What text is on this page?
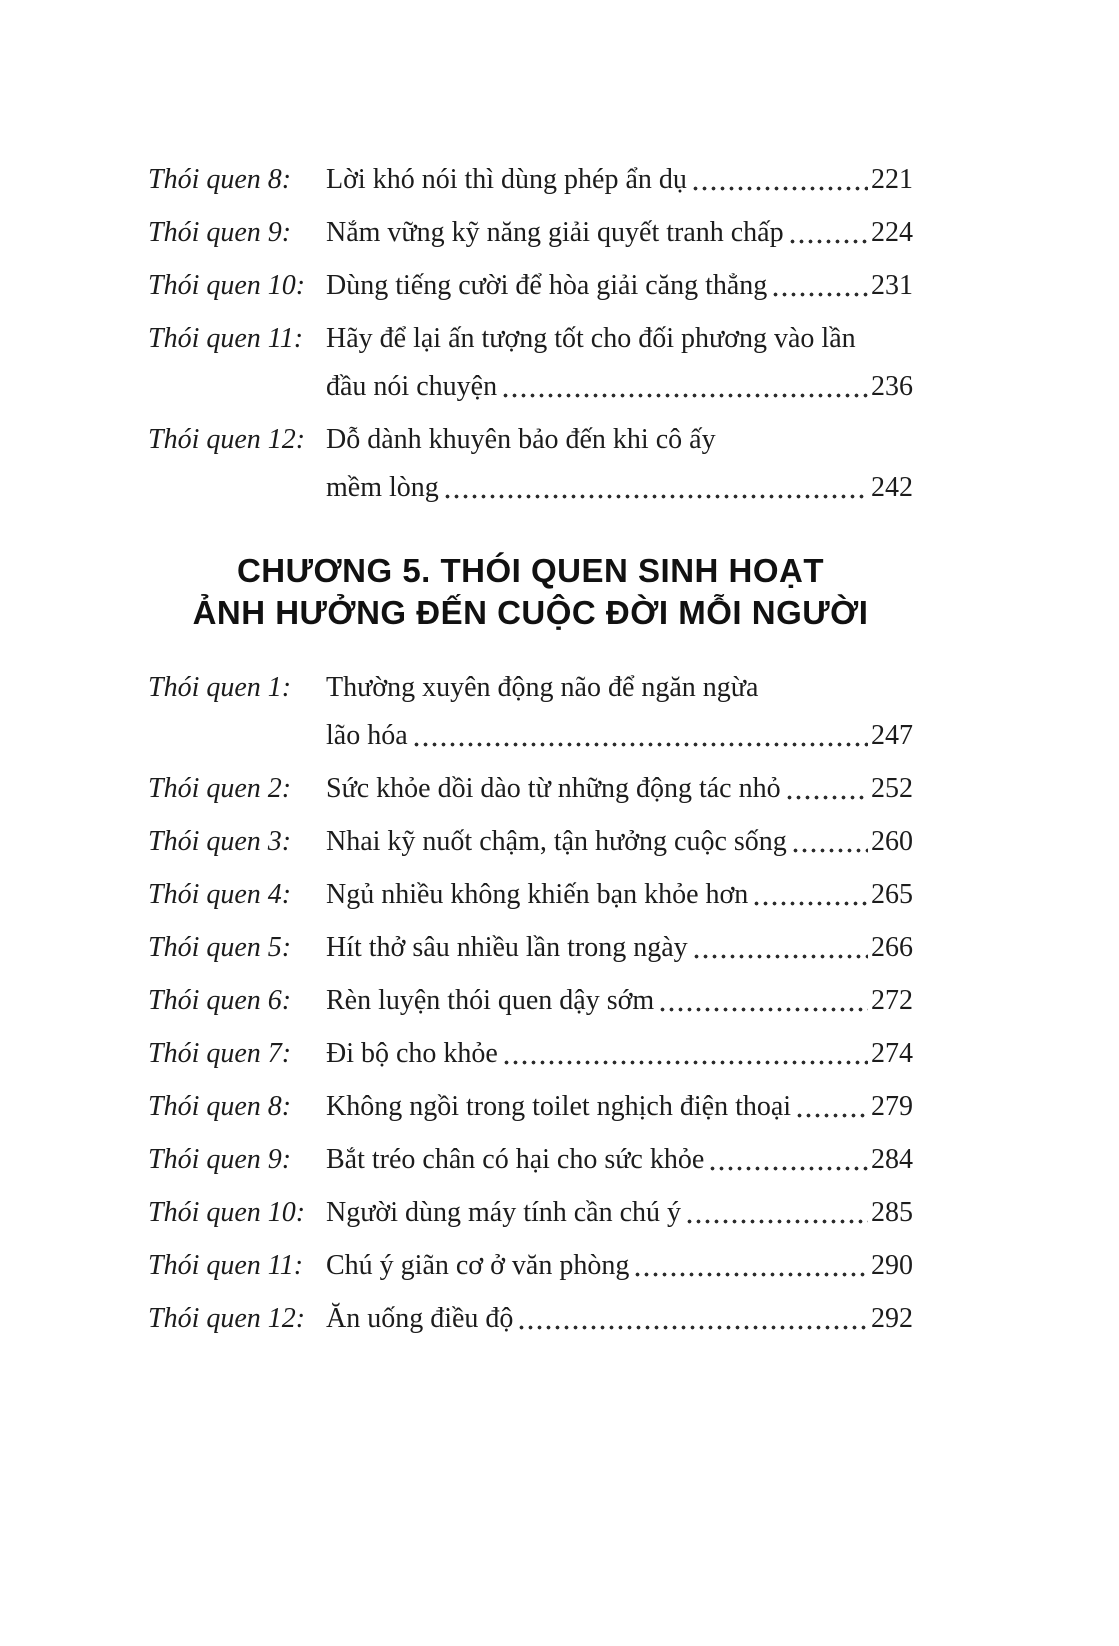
Thói quen 8:	Lời khó nói thì dùng phép ẩn dụ	221
Thói quen 9:	Nắm vững kỹ năng giải quyết tranh chấp	224
Thói quen 10: Dùng tiếng cười để hòa giải căng thẳng	231
Thói quen 11: Hãy để lại ấn tượng tốt cho đối phương vào lần
đầu nói chuyện	236
Thói quen 12: Dỗ dành khuyên bảo đến khi cô ấy
mềm lòng	242
CHƯƠNG 5. THÓI QUEN SINH HOẠT
ẢNH HƯỞNG ĐẾN CUỘC ĐỜI MỖI NGƯỜI
Thói quen 1:	Thường xuyên động não để ngăn ngừa
lão hóa	247
Thói quen 2:	Sức khỏe dồi dào từ những động tác nhỏ	252
Thói quen 3:	Nhai kỹ nuốt chậm, tận hưởng cuộc sống	260
Thói quen 4:	Ngủ nhiều không khiến bạn khỏe hơn	265
Thói quen 5:	Hít thở sâu nhiều lần trong ngày	266
Thói quen 6:	Rèn luyện thói quen dậy sớm	272
Thói quen 7:	Đi bộ cho khỏe	274
Thói quen 8:	Không ngồi trong toilet nghịch điện thoại	279
Thói quen 9:	Bắt tréo chân có hại cho sức khỏe	284
Thói quen 10: Người dùng máy tính cần chú ý	285
Thói quen 11: Chú ý giãn cơ ở văn phòng	290
Thói quen 12: Ăn uống điều độ	292
